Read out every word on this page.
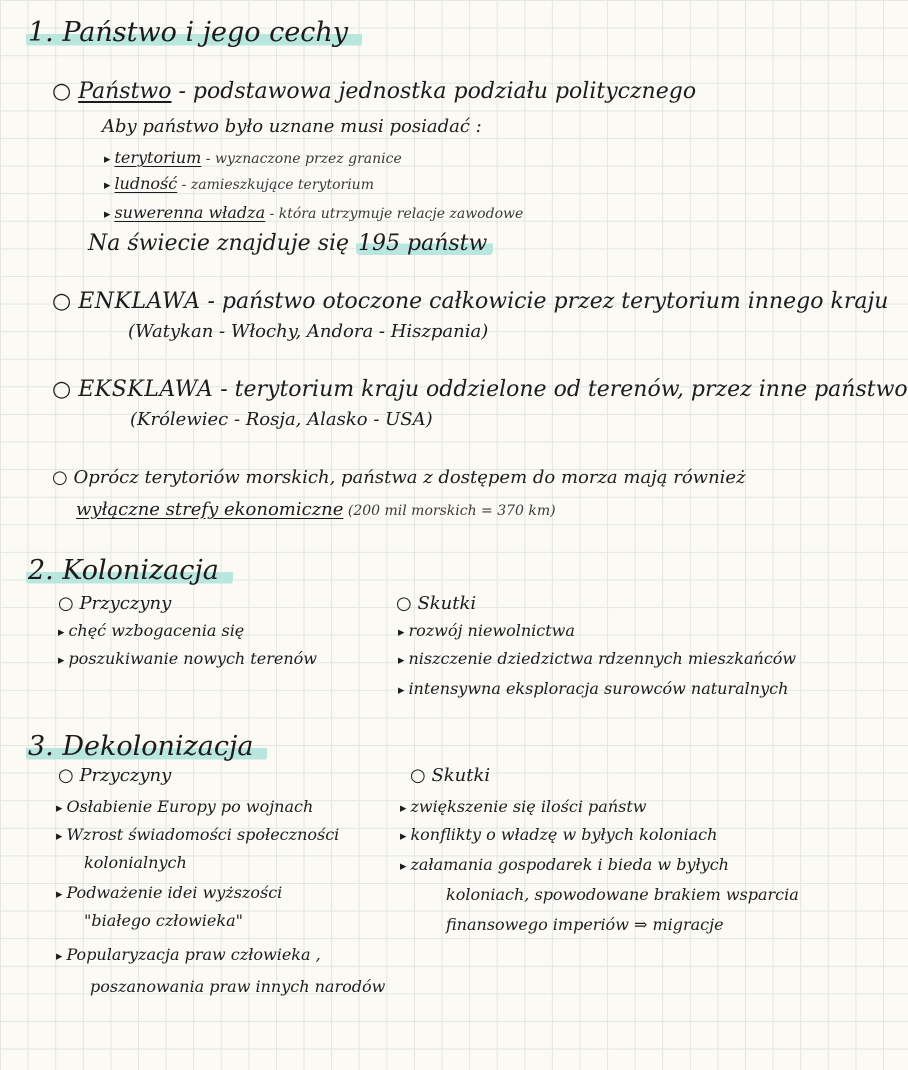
1. Państwo i jego cechy
○ Państwo - podstawowa jednostka podziału politycznego
Aby państwo było uznane musi posiadać :
▸ terytorium - wyznaczone przez granice
▸ ludność - zamieszkujące terytorium
▸ suwerenna władza - która utrzymuje relacje zawodowe
Na świecie znajduje się 195 państw
○ ENKLAWA - państwo otoczone całkowicie przez terytorium innego kraju
(Watykan - Włochy, Andora - Hiszpania)
○ EKSKLAWA - terytorium kraju oddzielone od terenów, przez inne państwo
(Królewiec - Rosja, Alasko - USA)
○ Oprócz terytoriów morskich, państwa z dostępem do morza mają również
wyłączne strefy ekonomiczne (200 mil morskich = 370 km)
2. Kolonizacja
○ Przyczyny
▸ chęć wzbogacenia się
▸ poszukiwanie nowych terenów
○ Skutki
▸ rozwój niewolnictwa
▸ niszczenie dziedzictwa rdzennych mieszkańców
▸ intensywna eksploracja surowców naturalnych
3. Dekolonizacja
○ Przyczyny
▸ Osłabienie Europy po wojnach
▸ Wzrost świadomości społeczności
kolonialnych
▸ Podważenie idei wyższości
"białego człowieka"
▸ Popularyzacja praw człowieka ,
poszanowania praw innych narodów
○ Skutki
▸ zwiększenie się ilości państw
▸ konflikty o władzę w byłych koloniach
▸ załamania gospodarek i bieda w byłych
koloniach, spowodowane brakiem wsparcia
finansowego imperiów ⇒ migracje
